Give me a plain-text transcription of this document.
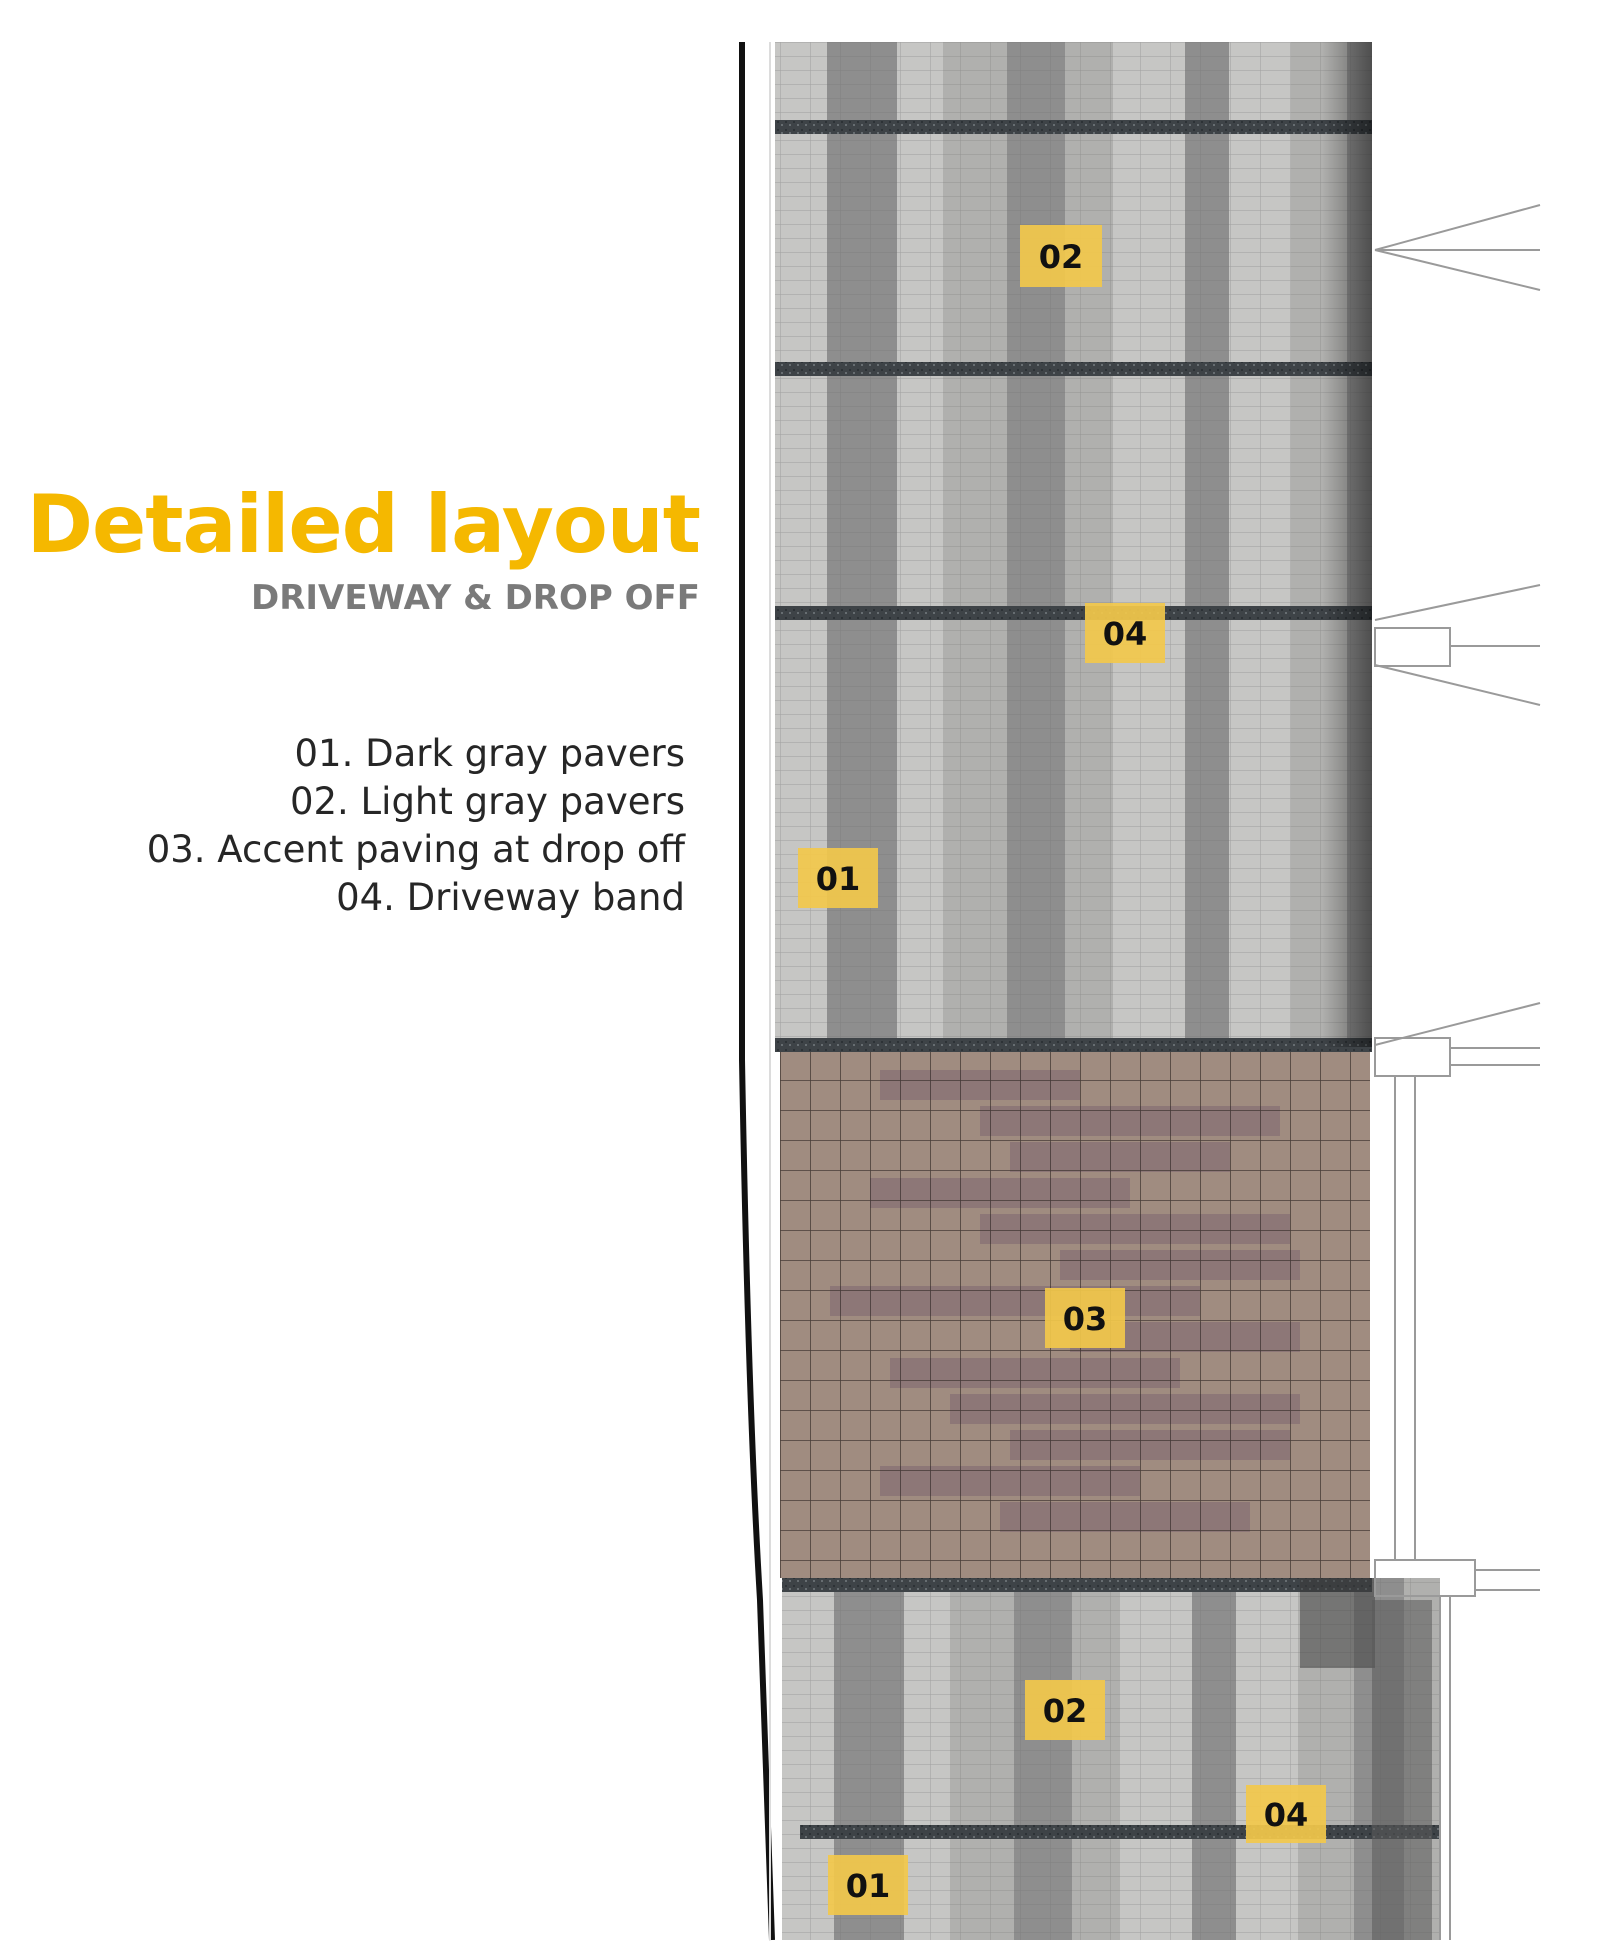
Detailed layout
DRIVEWAY & DROP OFF
01. Dark gray pavers
02. Light gray pavers
03. Accent paving at drop off
04. Driveway band
02
04
01
03
02
04
01
